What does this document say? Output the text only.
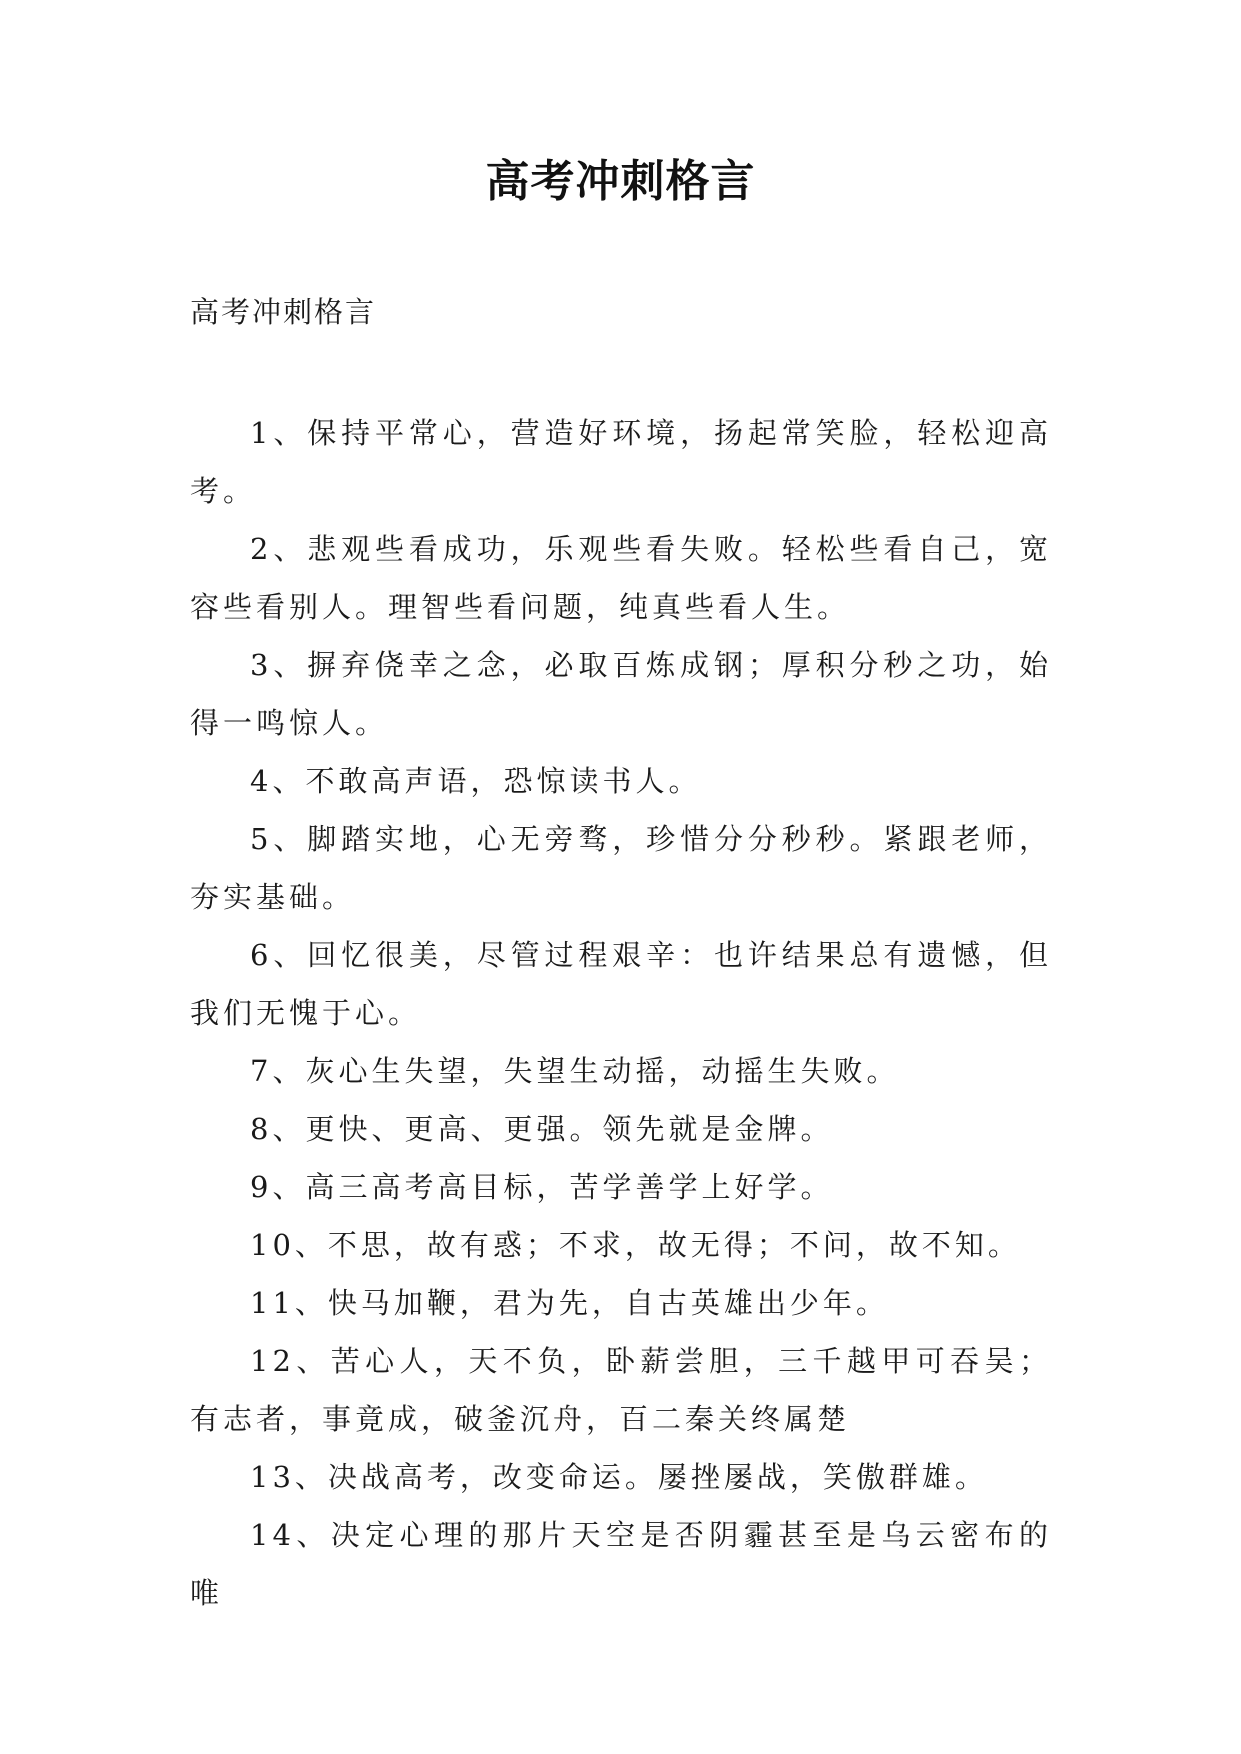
高考冲刺格言

高考冲刺格言

1、保持平常心，营造好环境，扬起常笑脸，轻松迎高考。

2、悲观些看成功，乐观些看失败。轻松些看自己，宽容些看别人。理智些看问题，纯真些看人生。

3、摒弃侥幸之念，必取百炼成钢；厚积分秒之功，始得一鸣惊人。

4、不敢高声语，恐惊读书人。

5、脚踏实地，心无旁骛，珍惜分分秒秒。紧跟老师，夯实基础。

6、回忆很美，尽管过程艰辛：也许结果总有遗憾，但我们无愧于心。

7、灰心生失望，失望生动摇，动摇生失败。

8、更快、更高、更强。领先就是金牌。

9、高三高考高目标，苦学善学上好学。

10、不思，故有惑；不求，故无得；不问，故不知。

11、快马加鞭，君为先，自古英雄出少年。

12、苦心人，天不负，卧薪尝胆，三千越甲可吞吴；有志者，事竟成，破釜沉舟，百二秦关终属楚

13、决战高考，改变命运。屡挫屡战，笑傲群雄。

14、决定心理的那片天空是否阴霾甚至是乌云密布的唯
